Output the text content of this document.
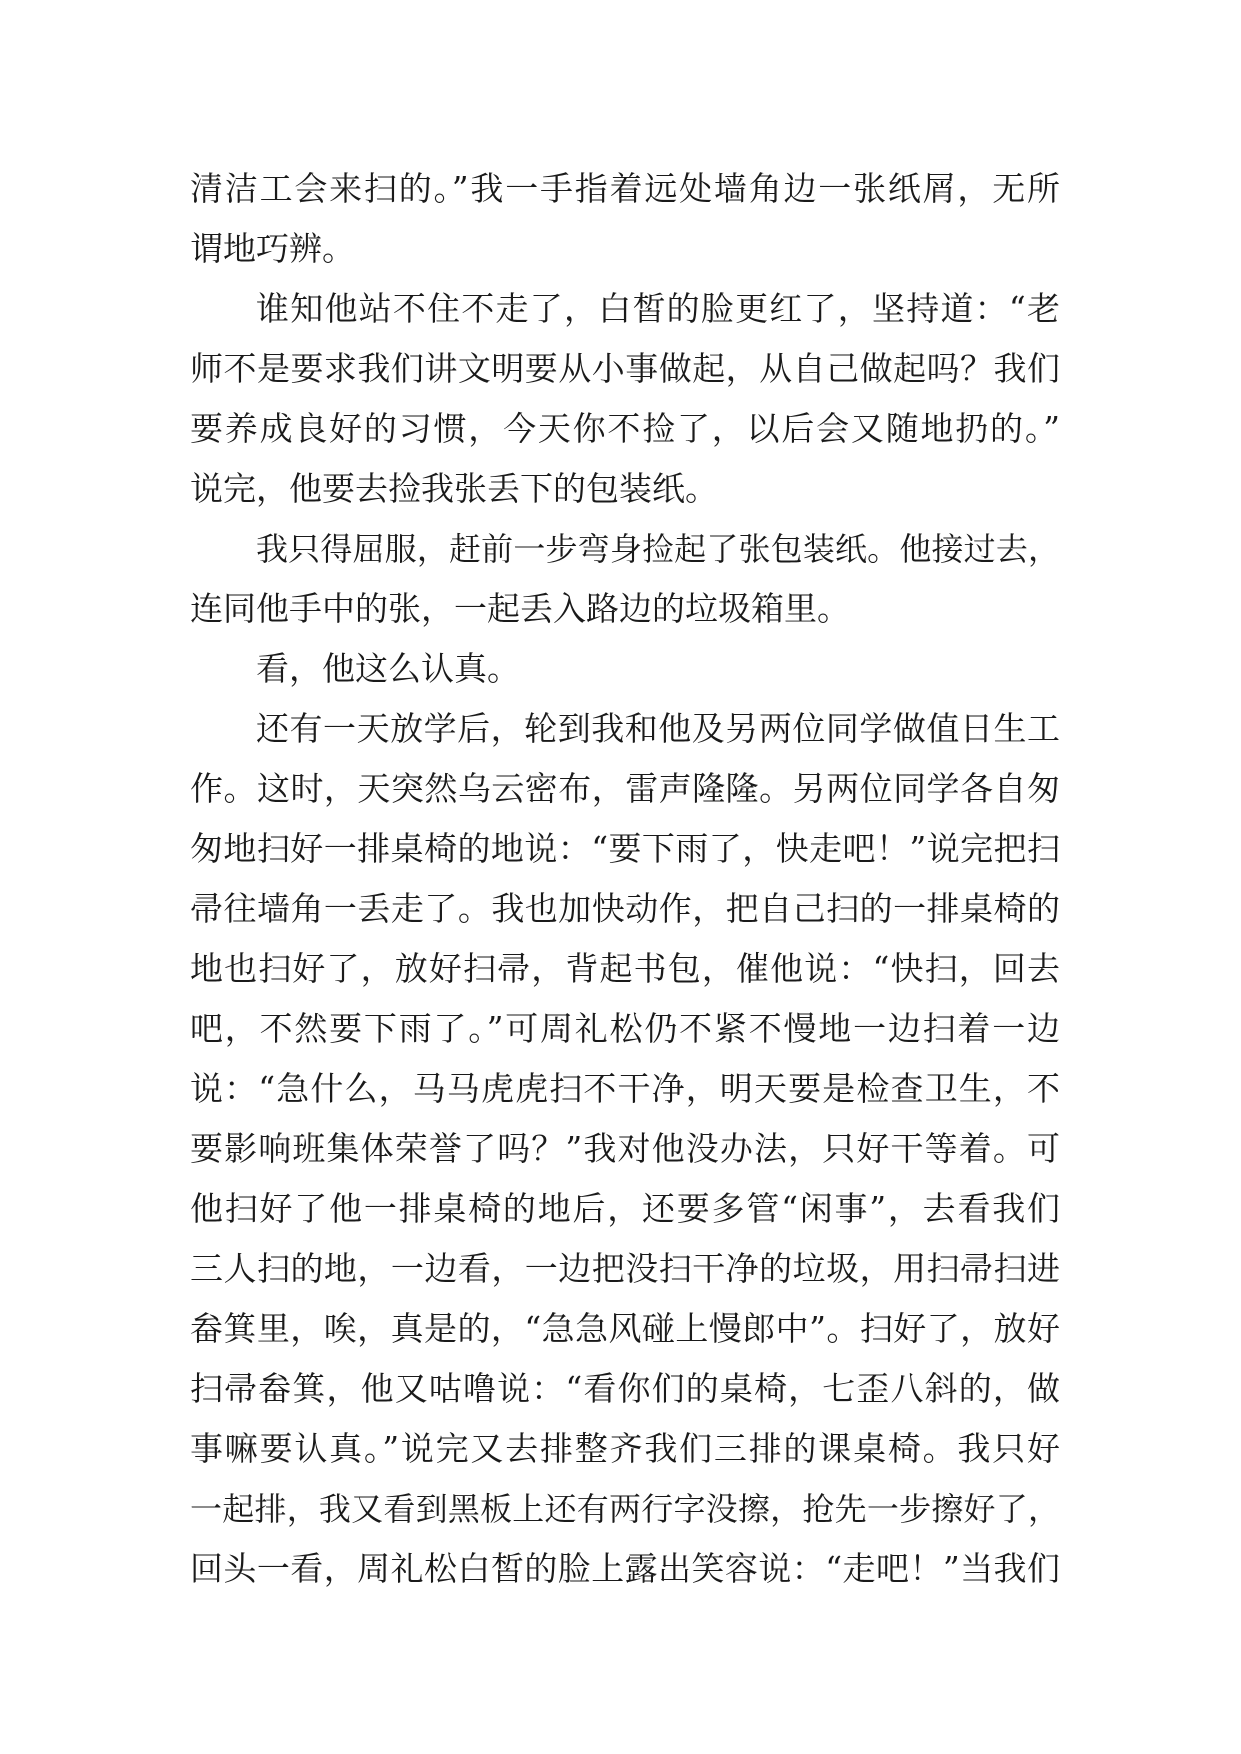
清洁工会来扫的。”我一手指着远处墙角边一张纸屑，无所
谓地巧辨。
谁知他站不住不走了，白皙的脸更红了，坚持道：“老
师不是要求我们讲文明要从小事做起，从自己做起吗？我们
要养成良好的习惯，今天你不捡了，以后会又随地扔的。”
说完，他要去捡我张丢下的包装纸。
我只得屈服，赶前一步弯身捡起了张包装纸。他接过去，
连同他手中的张，一起丢入路边的垃圾箱里。
看，他这么认真。
还有一天放学后，轮到我和他及另两位同学做值日生工
作。这时，天突然乌云密布，雷声隆隆。另两位同学各自匆
匆地扫好一排桌椅的地说：“要下雨了，快走吧！”说完把扫
帚往墙角一丢走了。我也加快动作，把自己扫的一排桌椅的
地也扫好了，放好扫帚，背起书包，催他说：“快扫，回去
吧，不然要下雨了。”可周礼松仍不紧不慢地一边扫着一边
说：“急什么，马马虎虎扫不干净，明天要是检查卫生，不
要影响班集体荣誉了吗？”我对他没办法，只好干等着。可
他扫好了他一排桌椅的地后，还要多管“闲事”，去看我们
三人扫的地，一边看，一边把没扫干净的垃圾，用扫帚扫进
畚箕里，唉，真是的，“急急风碰上慢郎中”。扫好了，放好
扫帚畚箕，他又咕噜说：“看你们的桌椅，七歪八斜的，做
事嘛要认真。”说完又去排整齐我们三排的课桌椅。我只好
一起排，我又看到黑板上还有两行字没擦，抢先一步擦好了，
回头一看，周礼松白皙的脸上露出笑容说：“走吧！”当我们
